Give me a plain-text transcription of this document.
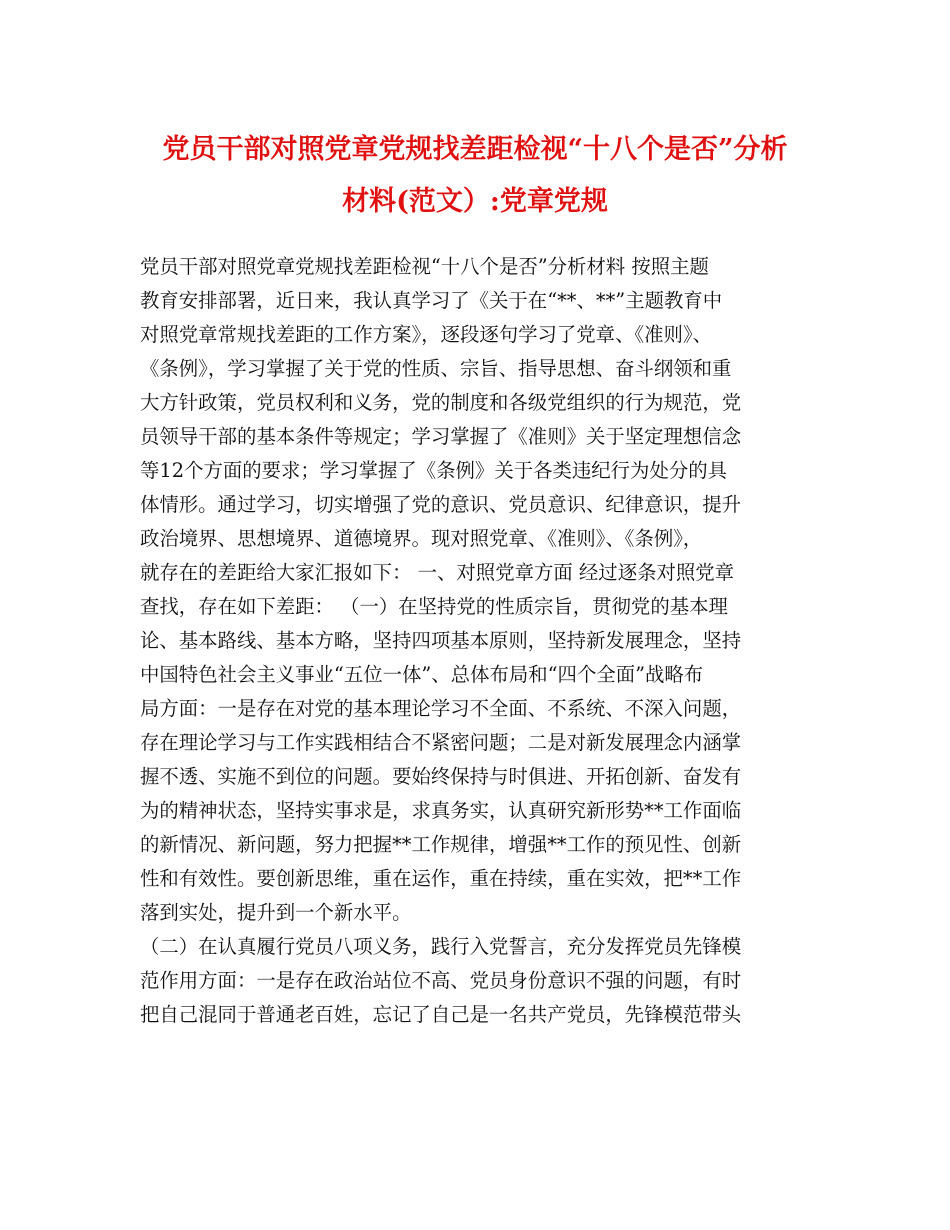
党员干部对照党章党规找差距检视“十八个是否”分析
材料(范文）:党章党规
党员干部对照党章党规找差距检视“十八个是否”分析材料 按照主题
教育安排部署，近日来，我认真学习了《关于在“**、**”主题教育中
对照党章常规找差距的工作方案》，逐段逐句学习了党章、《准则》、
《条例》，学习掌握了关于党的性质、宗旨、指导思想、奋斗纲领和重
大方针政策，党员权利和义务，党的制度和各级党组织的行为规范，党
员领导干部的基本条件等规定；学习掌握了《准则》关于坚定理想信念
等12个方面的要求；学习掌握了《条例》关于各类违纪行为处分的具
体情形。通过学习，切实增强了党的意识、党员意识、纪律意识，提升
政治境界、思想境界、道德境界。现对照党章、《准则》、《条例》，
就存在的差距给大家汇报如下： 一、对照党章方面 经过逐条对照党章
查找，存在如下差距： （一）在坚持党的性质宗旨，贯彻党的基本理
论、基本路线、基本方略，坚持四项基本原则，坚持新发展理念，坚持
中国特色社会主义事业“五位一体”、总体布局和“四个全面”战略布
局方面：一是存在对党的基本理论学习不全面、不系统、不深入问题，
存在理论学习与工作实践相结合不紧密问题；二是对新发展理念内涵掌
握不透、实施不到位的问题。要始终保持与时俱进、开拓创新、奋发有
为的精神状态，坚持实事求是，求真务实，认真研究新形势**工作面临
的新情况、新问题，努力把握**工作规律，增强**工作的预见性、创新
性和有效性。要创新思维，重在运作，重在持续，重在实效，把**工作
落到实处，提升到一个新水平。
（二）在认真履行党员八项义务，践行入党誓言，充分发挥党员先锋模
范作用方面：一是存在政治站位不高、党员身份意识不强的问题，有时
把自己混同于普通老百姓，忘记了自己是一名共产党员，先锋模范带头
